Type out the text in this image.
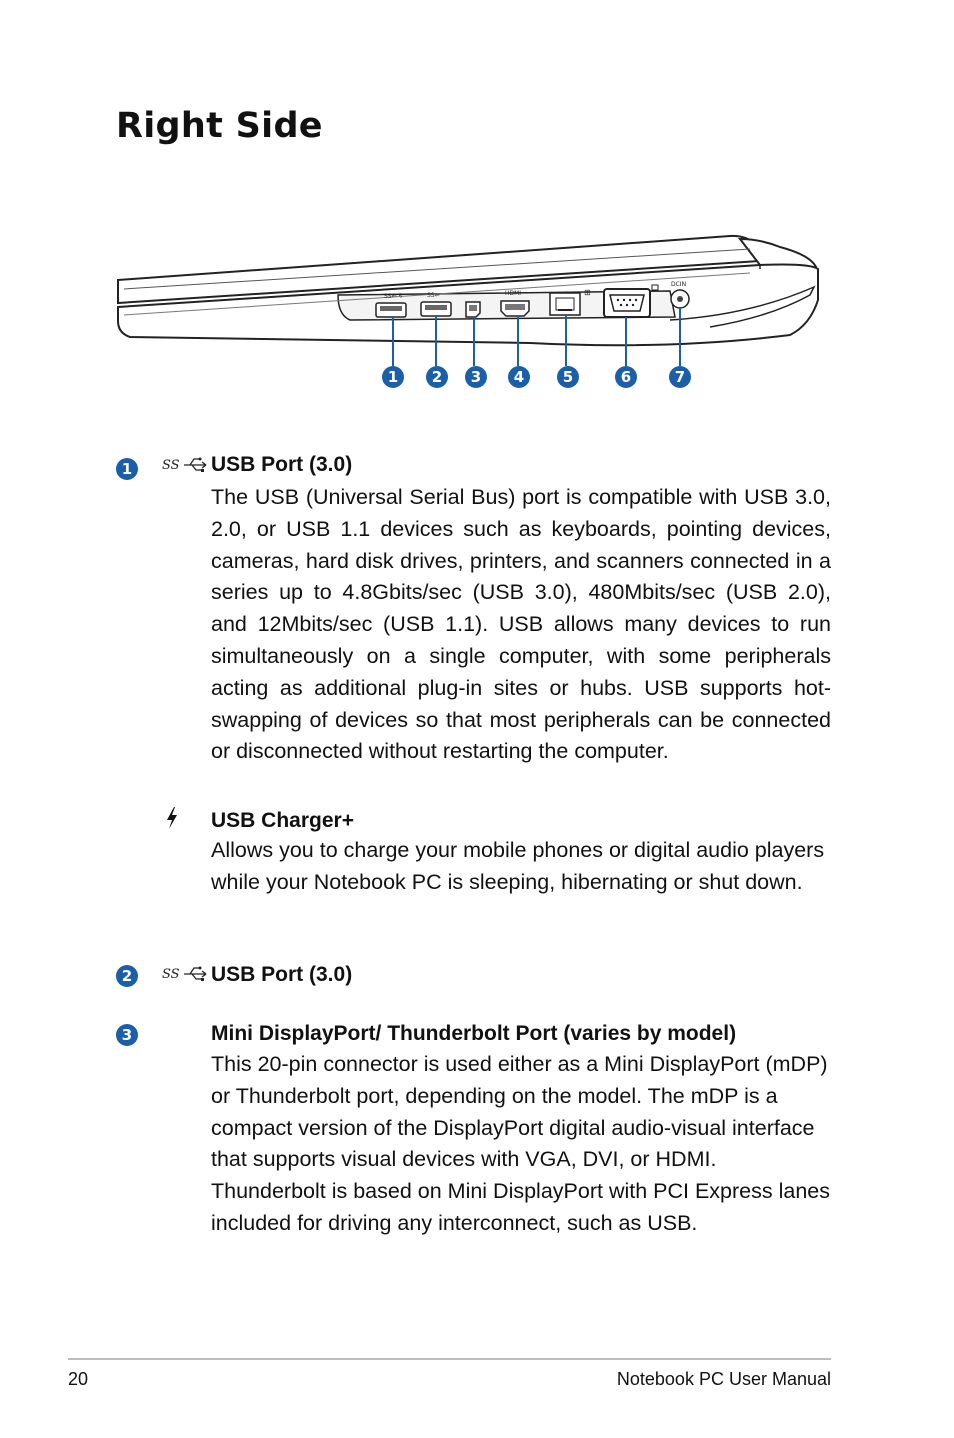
Right Side
SS⇐ ϟ	SS⇐	HDMI	⊞
DCIN
1	2	3	4	5	6	7
1	SS USB Port (3.0)

The USB (Universal Serial Bus) port is compatible with USB 3.0, 2.0, or USB 1.1 devices such as keyboards, pointing devices, cameras, hard disk drives, printers, and scanners connected in a series up to 4.8Gbits/sec (USB 3.0), 480Mbits/sec (USB 2.0), and 12Mbits/sec (USB 1.1). USB allows many devices to run simultaneously on a single computer, with some peripherals acting as additional plug-in sites or hubs. USB supports hot-swapping of devices so that most peripherals can be connected or disconnected without restarting the computer.

USB Charger+

Allows you to charge your mobile phones or digital audio players while your Notebook PC is sleeping, hibernating or shut down.

2	SS USB Port (3.0)
3	Mini DisplayPort/ Thunderbolt Port (varies by model)

This 20-pin connector is used either as a Mini DisplayPort (mDP) or Thunderbolt port, depending on the model. The mDP is a compact version of the DisplayPort digital audio-visual interface that supports visual devices with VGA, DVI, or HDMI. Thunderbolt is based on Mini DisplayPort with PCI Express lanes included for driving any interconnect, such as USB.

20	Notebook PC User Manual
